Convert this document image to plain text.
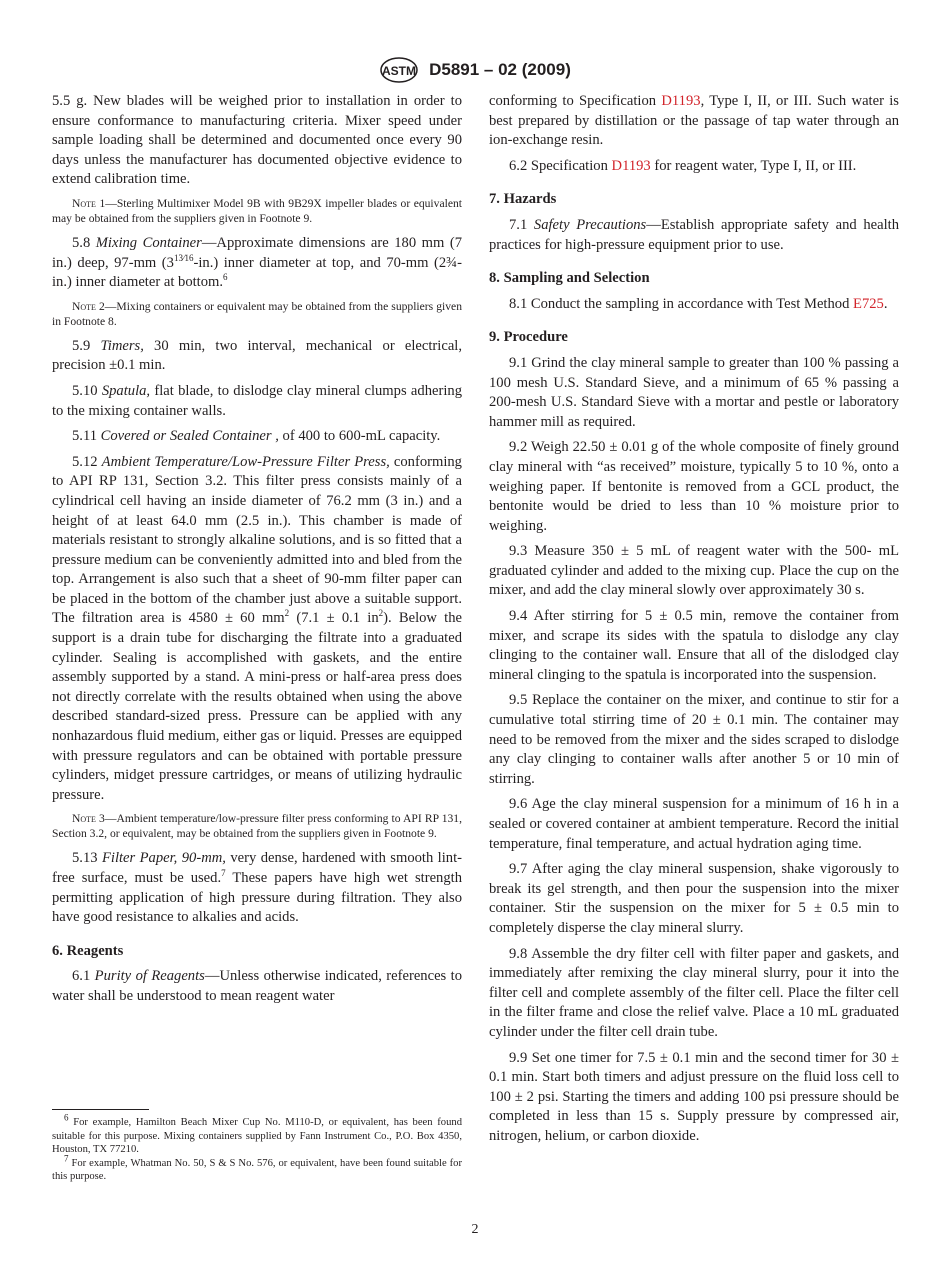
ASTM D5891 – 02 (2009)

5.5 g. New blades will be weighed prior to installation in order to ensure conformance to manufacturing criteria. Mixer speed under sample loading shall be determined and documented once every 90 days unless the manufacturer has documented objective evidence to extend calibration time.

Note 1—Sterling Multimixer Model 9B with 9B29X impeller blades or equivalent may be obtained from the suppliers given in Footnote 9.

5.8 Mixing Container—Approximate dimensions are 180 mm (7 in.) deep, 97-mm $(3^{13⁄16}-in.)$ inner diameter at top, and 70-mm (2¾-in.) inner diameter at bottom.$^6$

Note 2—Mixing containers or equivalent may be obtained from the suppliers given in Footnote 8.

5.9 Timers, 30 min, two interval, mechanical or electrical, precision ±0.1 min.

5.10 Spatula, flat blade, to dislodge clay mineral clumps adhering to the mixing container walls.

5.11 Covered or Sealed Container , of 400 to 600-mL capacity.

5.12 Ambient Temperature/Low-Pressure Filter Press, conforming to API RP 131, Section 3.2. This filter press consists mainly of a cylindrical cell having an inside diameter of 76.2 mm (3 in.) and a height of at least 64.0 mm (2.5 in.). This chamber is made of materials resistant to strongly alkaline solutions, and is so fitted that a pressure medium can be conveniently admitted into and bled from the top. Arrangement is also such that a sheet of 90-mm filter paper can be placed in the bottom of the chamber just above a suitable support. The filtration area is 4580 ± 60 $mm^2$ (7.1 ± 0.1 $in^2$). Below the support is a drain tube for discharging the filtrate into a graduated cylinder. Sealing is accomplished with gaskets, and the entire assembly supported by a stand. A mini-press or half-area press does not directly correlate with the results obtained when using the above described standard-sized press. Pressure can be applied with any nonhazardous fluid medium, either gas or liquid. Presses are equipped with pressure regulators and can be obtained with portable pressure cylinders, midget pressure cartridges, or means of utilizing hydraulic pressure.

Note 3—Ambient temperature/low-pressure filter press conforming to API RP 131, Section 3.2, or equivalent, may be obtained from the suppliers given in Footnote 9.

5.13 Filter Paper, 90-mm, very dense, hardened with smooth lint-free surface, must be used.$^7$ These papers have high wet strength permitting application of high pressure during filtration. They also have good resistance to alkalies and acids.

6. Reagents

6.1 Purity of Reagents—Unless otherwise indicated, references to water shall be understood to mean reagent water

conforming to Specification D1193, Type I, II, or III. Such water is best prepared by distillation or the passage of tap water through an ion-exchange resin.

6.2 Specification D1193 for reagent water, Type I, II, or III.

7. Hazards

7.1 Safety Precautions—Establish appropriate safety and health practices for high-pressure equipment prior to use.

8. Sampling and Selection

8.1 Conduct the sampling in accordance with Test Method E725.

9. Procedure

9.1 Grind the clay mineral sample to greater than 100 % passing a 100 mesh U.S. Standard Sieve, and a minimum of 65 % passing a 200-mesh U.S. Standard Sieve with a mortar and pestle or laboratory hammer mill as required.

9.2 Weigh 22.50 ± 0.01 g of the whole composite of finely ground clay mineral with “as received” moisture, typically 5 to 10 %, onto a weighing paper. If bentonite is removed from a GCL product, the bentonite would be dried to less than 10 % moisture prior to weighing.

9.3 Measure 350 ± 5 mL of reagent water with the 500- mL graduated cylinder and added to the mixing cup. Place the cup on the mixer, and add the clay mineral slowly over approximately 30 s.

9.4 After stirring for 5 ± 0.5 min, remove the container from mixer, and scrape its sides with the spatula to dislodge any clay clinging to the container wall. Ensure that all of the dislodged clay mineral clinging to the spatula is incorporated into the suspension.

9.5 Replace the container on the mixer, and continue to stir for a cumulative total stirring time of 20 ± 0.1 min. The container may need to be removed from the mixer and the sides scraped to dislodge any clay clinging to container walls after another 5 or 10 min of stirring.

9.6 Age the clay mineral suspension for a minimum of 16 h in a sealed or covered container at ambient temperature. Record the initial temperature, final temperature, and actual hydration aging time.

9.7 After aging the clay mineral suspension, shake vigorously to break its gel strength, and then pour the suspension into the mixer container. Stir the suspension on the mixer for 5 ± 0.5 min to completely disperse the clay mineral slurry.

9.8 Assemble the dry filter cell with filter paper and gaskets, and immediately after remixing the clay mineral slurry, pour it into the filter cell and complete assembly of the filter cell. Place the filter cell in the filter frame and close the relief valve. Place a 10 mL graduated cylinder under the filter cell drain tube.

9.9 Set one timer for 7.5 ± 0.1 min and the second timer for 30 ± 0.1 min. Start both timers and adjust pressure on the fluid loss cell to 100 ± 2 psi. Starting the timers and adding 100 psi pressure should be completed in less than 15 s. Supply pressure by compressed air, nitrogen, helium, or carbon dioxide.

$^6$ For example, Hamilton Beach Mixer Cup No. M110-D, or equivalent, has been found suitable for this purpose. Mixing containers supplied by Fann Instrument Co., P.O. Box 4350, Houston, TX 77210.

$^7$ For example, Whatman No. 50, S & S No. 576, or equivalent, have been found suitable for this purpose.

2
